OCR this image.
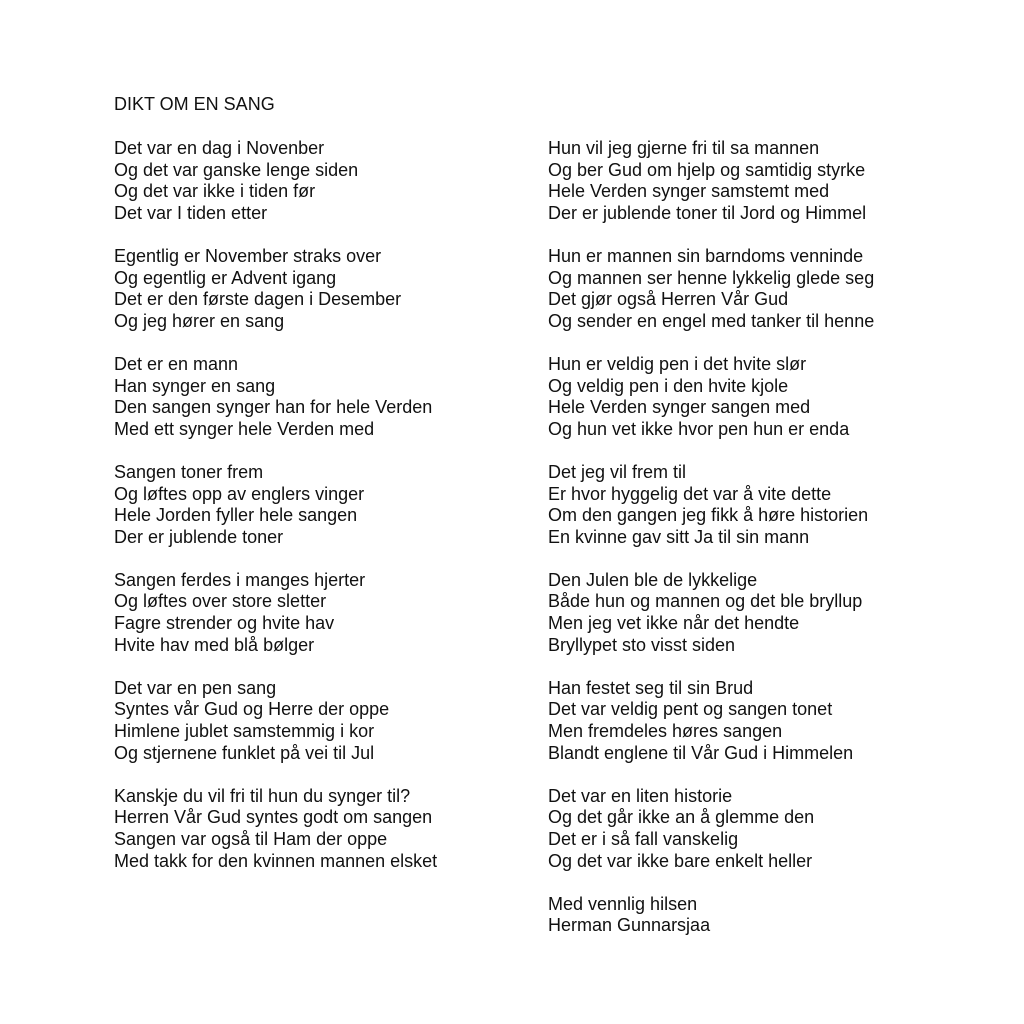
DIKT OM EN SANG
Det var en dag i Novenber
Og det var ganske lenge siden
Og det var ikke i tiden før
Det var I tiden etter
Egentlig er November straks over
Og egentlig er Advent igang
Det er den første dagen i Desember
Og jeg hører en sang
Det er en mann
Han synger en sang
Den sangen synger han for hele Verden
Med ett synger hele Verden med
Sangen toner frem
Og løftes opp av englers vinger
Hele Jorden fyller hele sangen
Der er jublende toner
Sangen ferdes i manges hjerter
Og løftes over store sletter
Fagre strender og hvite hav
Hvite hav med blå bølger
Det var en pen sang
Syntes vår Gud og Herre der oppe
Himlene jublet samstemmig i kor
Og stjernene funklet på vei til Jul
Kanskje du vil fri til hun du synger til?
Herren Vår Gud syntes godt om sangen
Sangen var også til Ham der oppe
Med takk for den kvinnen mannen elsket
Hun vil jeg gjerne fri til sa mannen
Og ber Gud om hjelp og samtidig styrke
Hele Verden synger samstemt med
Der er jublende toner til Jord og Himmel
Hun er mannen sin barndoms venninde
Og mannen ser henne lykkelig glede seg
Det gjør også Herren Vår Gud
Og sender en engel med tanker til henne
Hun er veldig pen i det hvite slør
Og veldig pen i den hvite kjole
Hele Verden synger sangen med
Og hun vet ikke hvor pen hun er enda
Det jeg vil frem til
Er hvor hyggelig det var å vite dette
Om den gangen jeg fikk å høre historien
En kvinne gav sitt Ja til sin mann
Den Julen ble de lykkelige
Både hun og mannen og det ble bryllup
Men jeg vet ikke når det hendte
Bryllypet sto visst siden
Han festet seg til sin Brud
Det var veldig pent og sangen tonet
Men fremdeles høres sangen
Blandt englene til Vår Gud i Himmelen
Det var en liten historie
Og det går ikke an å glemme den
Det er i så fall vanskelig
Og det var ikke bare enkelt heller
Med vennlig hilsen
Herman Gunnarsjaa
